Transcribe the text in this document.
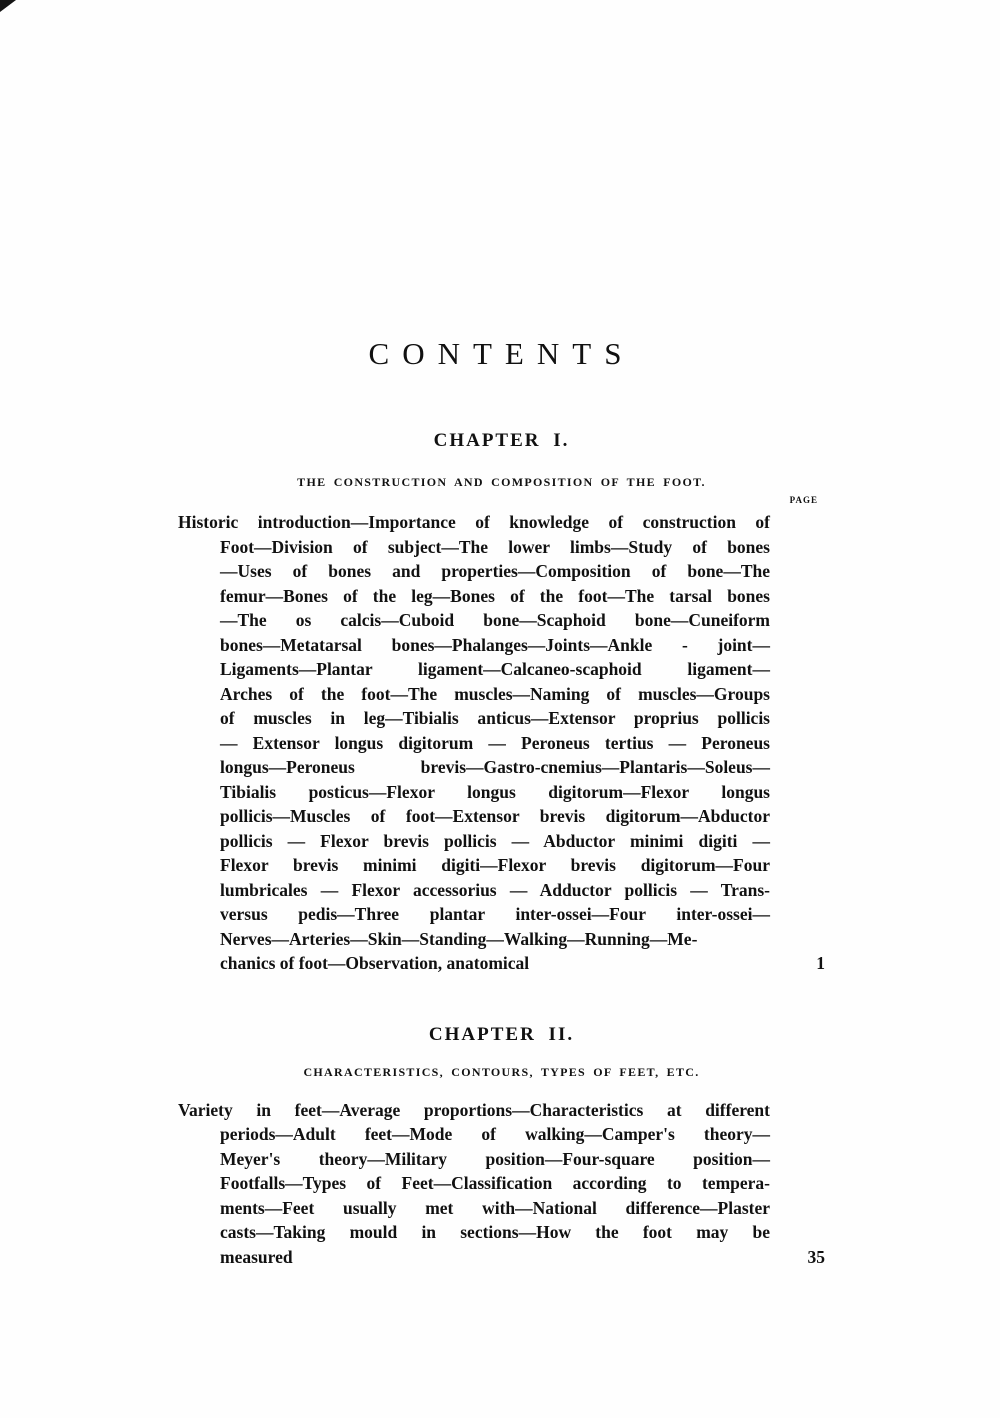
CONTENTS
CHAPTER I.
THE CONSTRUCTION AND COMPOSITION OF THE FOOT.
PAGE
1
Historic introduction—Importance of knowledge of construction of
Foot—Division of subject—The lower limbs—Study of bones
—Uses of bones and properties—Composition of bone—The
femur—Bones of the leg—Bones of the foot—The tarsal bones
—The os calcis—Cuboid bone—Scaphoid bone—Cuneiform
bones—Metatarsal bones—Phalanges—Joints—Ankle - joint—
Ligaments—Plantar ligament—Calcaneo-scaphoid ligament—
Arches of the foot—The muscles—Naming of muscles—Groups
of muscles in leg—Tibialis anticus—Extensor proprius pollicis
— Extensor longus digitorum — Peroneus tertius — Peroneus
longus—Peroneus brevis—Gastro-cnemius—Plantaris—Soleus—
Tibialis posticus—Flexor longus digitorum—Flexor longus
pollicis—Muscles of foot—Extensor brevis digitorum—Abductor
pollicis — Flexor brevis pollicis — Abductor minimi digiti —
Flexor brevis minimi digiti—Flexor brevis digitorum—Four
lumbricales — Flexor accessorius — Adductor pollicis — Trans-
versus pedis—Three plantar inter-ossei—Four inter-ossei—
Nerves—Arteries—Skin—Standing—Walking—Running—Me-
chanics of foot—Observation, anatomical
CHAPTER II.
CHARACTERISTICS, CONTOURS, TYPES OF FEET, ETC.
35
Variety in feet—Average proportions—Characteristics at different
periods—Adult feet—Mode of walking—Camper's theory—
Meyer's theory—Military position—Four-square position—
Footfalls—Types of Feet—Classification according to tempera-
ments—Feet usually met with—National difference—Plaster
casts—Taking mould in sections—How the foot may be
measured
